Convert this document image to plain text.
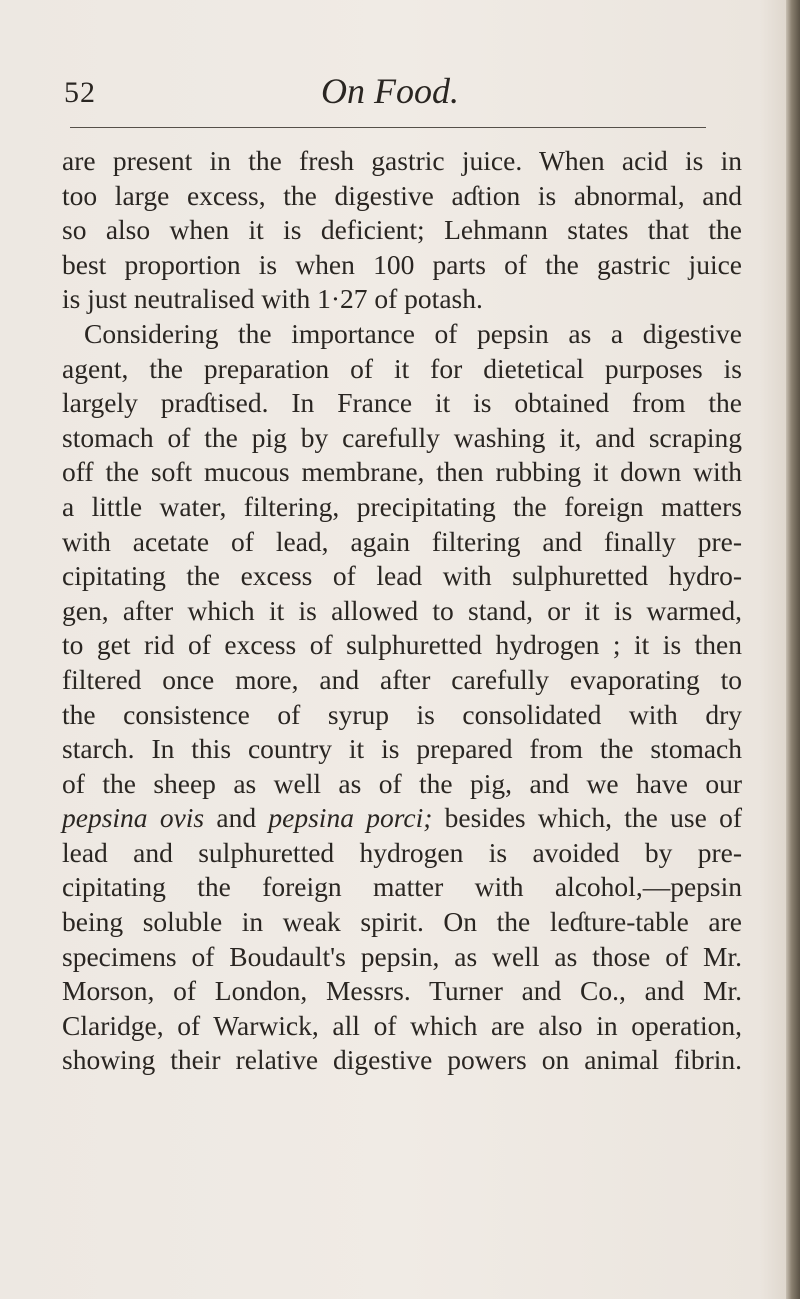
52	On Food.
are present in the fresh gastric juice. When acid is in
too large excess, the digestive aɗtion is abnormal, and
so also when it is deficient; Lehmann states that the
best proportion is when 100 parts of the gastric juice
is just neutralised with 1·27 of potash.
Considering the importance of pepsin as a digestive
agent, the preparation of it for dietetical purposes is
largely praɗtised. In France it is obtained from the
stomach of the pig by carefully washing it, and scraping
off the soft mucous membrane, then rubbing it down with
a little water, filtering, precipitating the foreign matters
with acetate of lead, again filtering and finally pre-
cipitating the excess of lead with sulphuretted hydro-
gen, after which it is allowed to stand, or it is warmed,
to get rid of excess of sulphuretted hydrogen ; it is then
filtered once more, and after carefully evaporating to
the consistence of syrup is consolidated with dry
starch. In this country it is prepared from the stomach
of the sheep as well as of the pig, and we have our
pepsina ovis and pepsina porci; besides which, the use of
lead and sulphuretted hydrogen is avoided by pre-
cipitating the foreign matter with alcohol,—pepsin
being soluble in weak spirit. On the leɗture-table are
specimens of Boudault's pepsin, as well as those of Mr.
Morson, of London, Messrs. Turner and Co., and Mr.
Claridge, of Warwick, all of which are also in operation,
showing their relative digestive powers on animal fibrin.
